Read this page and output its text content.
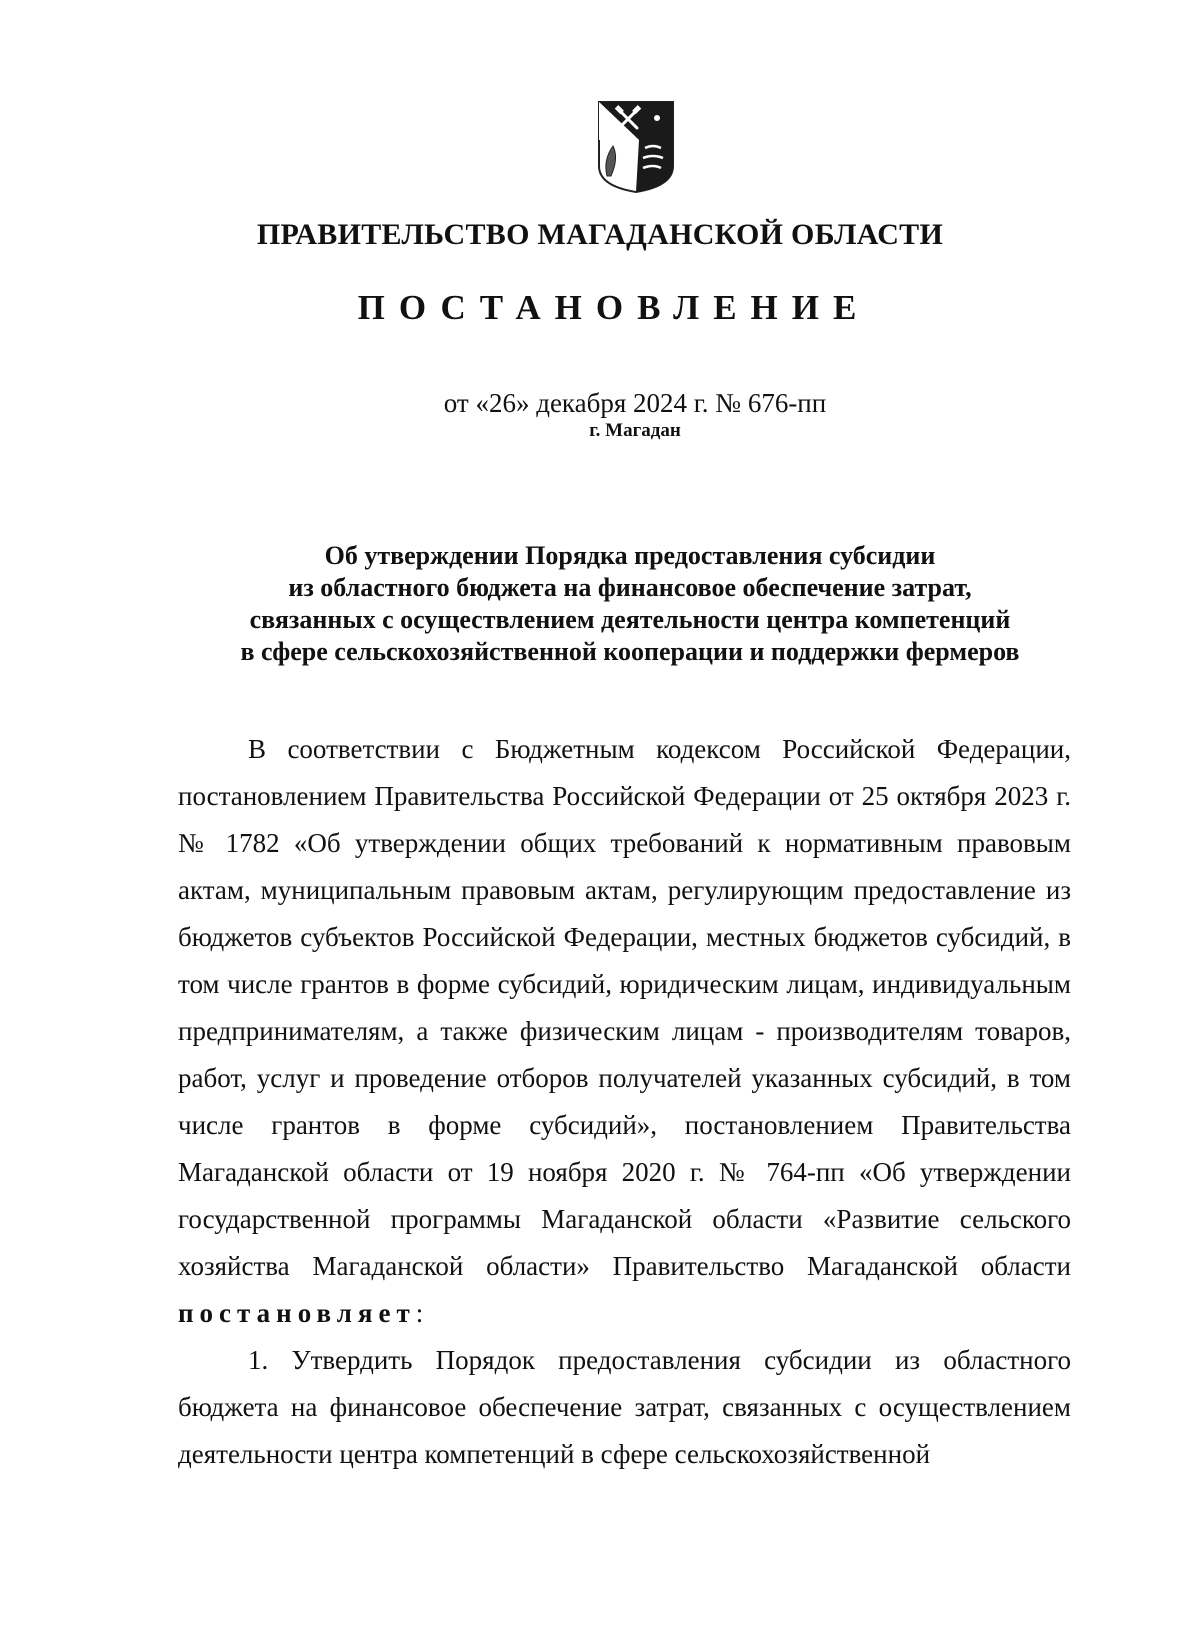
ПРАВИТЕЛЬСТВО МАГАДАНСКОЙ ОБЛАСТИ
ПОСТАНОВЛЕНИЕ
от «26» декабря 2024 г. № 676-пп
г. Магадан
Об утверждении Порядка предоставления субсидии
из областного бюджета на финансовое обеспечение затрат,
связанных с осуществлением деятельности центра компетенций
в сфере сельскохозяйственной кооперации и поддержки фермеров

В соответствии с Бюджетным кодексом Российской Федерации, постановлением Правительства Российской Федерации от 25 октября 2023 г. № 1782 «Об утверждении общих требований к нормативным правовым актам, муниципальным правовым актам, регулирующим предоставление из бюджетов субъектов Российской Федерации, местных бюджетов субсидий, в том числе грантов в форме субсидий, юридическим лицам, индивидуальным предпринимателям, а также физическим лицам - производителям товаров, работ, услуг и проведение отборов получателей указанных субсидий, в том числе грантов в форме субсидий», постановлением Правительства Магаданской области от 19 ноября 2020 г. № 764-пп «Об утверждении государственной программы Магаданской области «Развитие сельского хозяйства Магаданской области» Правительство Магаданской области постановляет:

1. Утвердить Порядок предоставления субсидии из областного бюджета на финансовое обеспечение затрат, связанных с осуществлением деятельности центра компетенций в сфере сельскохозяйственной
